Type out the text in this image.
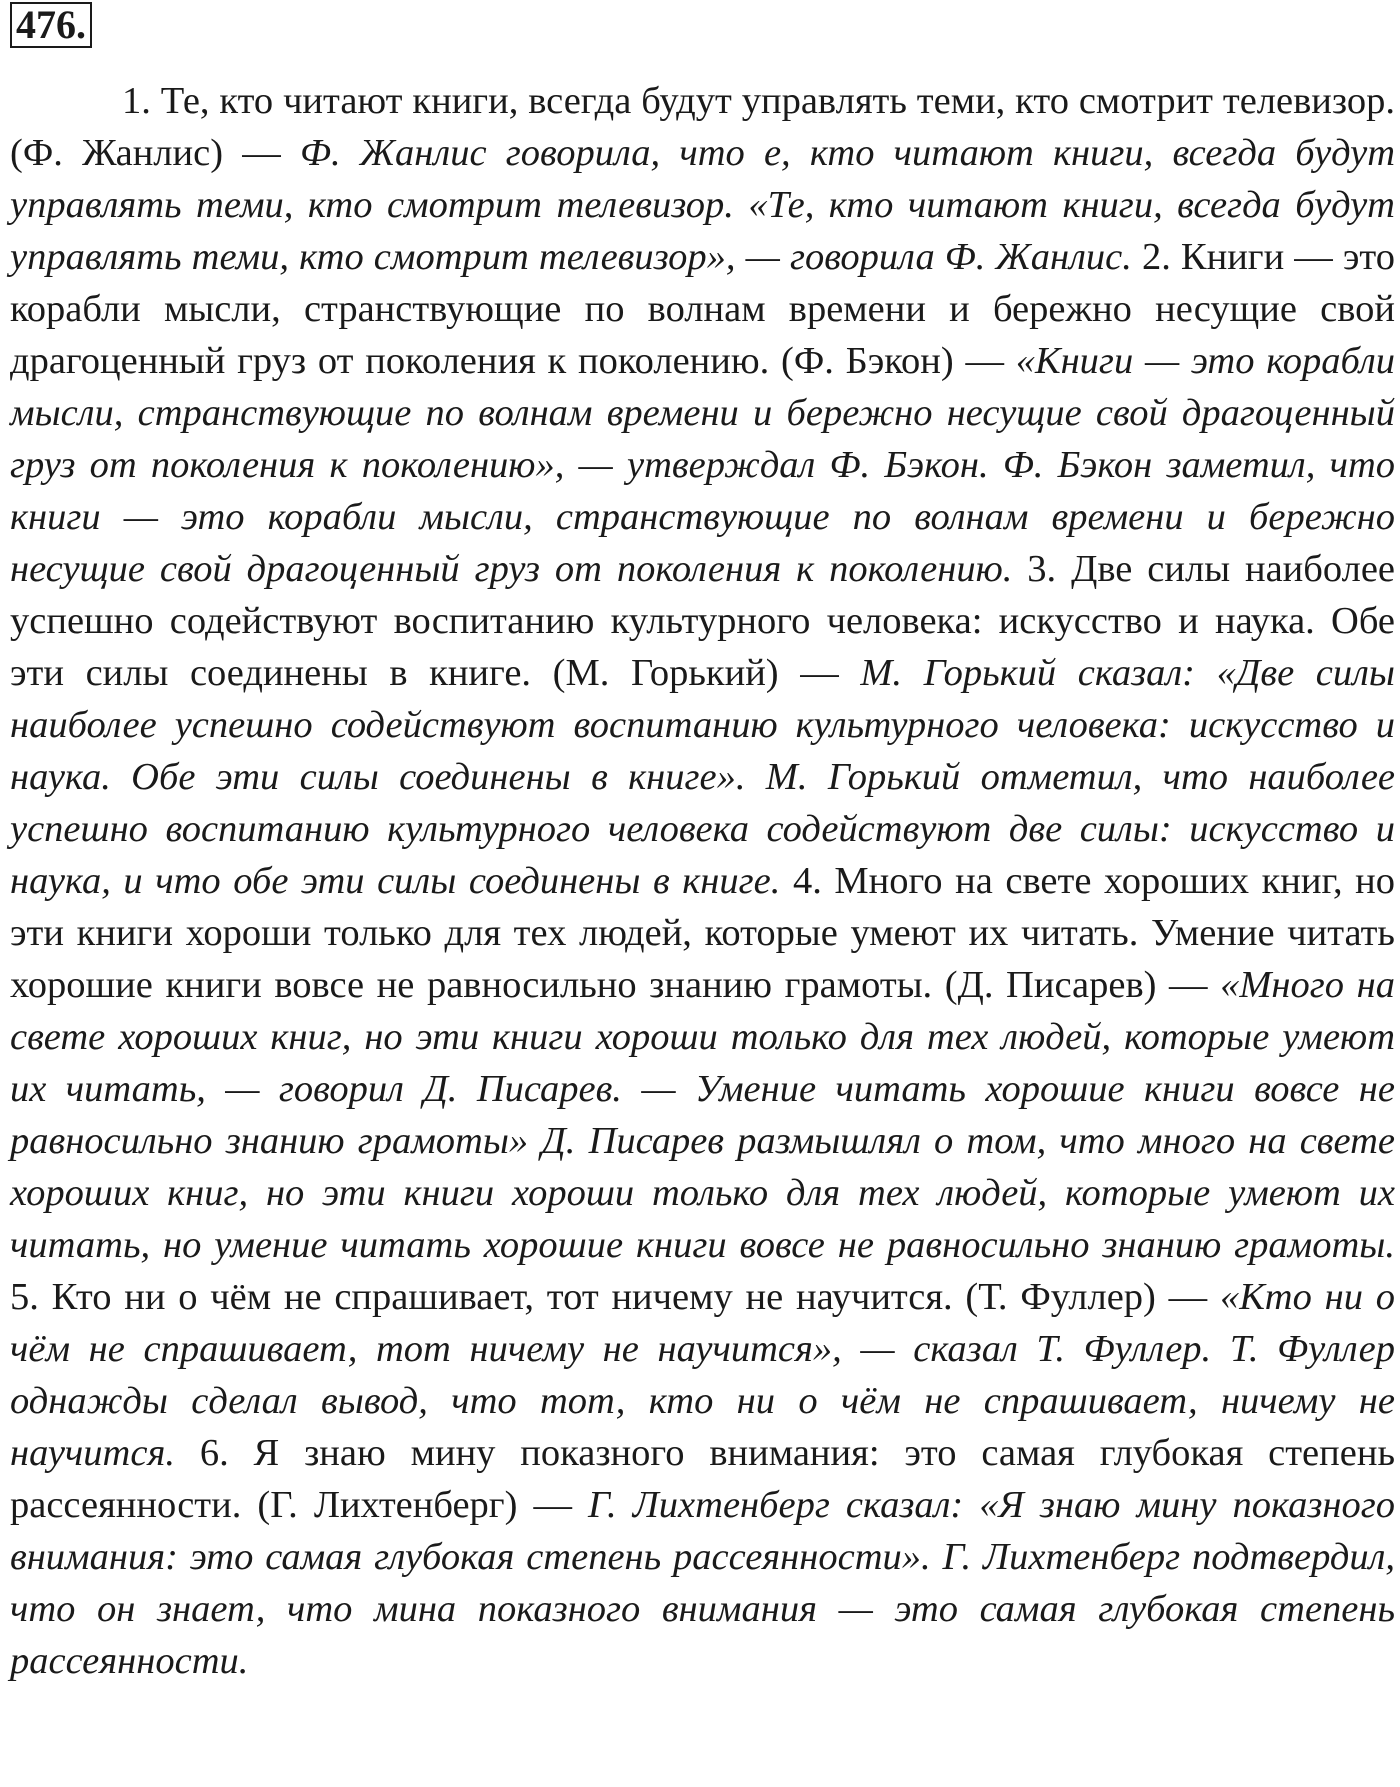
476.

1. Те, кто читают книги, всегда будут управлять теми, кто смотрит телевизор. (Ф. Жанлис) — Ф. Жанлис говорила, что е, кто читают книги, всегда будут управлять теми, кто смотрит телевизор. «Те, кто читают книги, всегда будут управлять теми, кто смотрит телевизор», — говорила Ф. Жанлис. 2. Книги — это корабли мысли, странствующие по волнам времени и бережно несущие свой драгоценный груз от поколения к поколению. (Ф. Бэкон) — «Книги — это корабли мысли, странствующие по волнам времени и бережно несущие свой драгоценный груз от поколения к поколению», — утверждал Ф. Бэкон. Ф. Бэкон заметил, что книги — это корабли мысли, странствующие по волнам времени и бережно несущие свой драгоценный груз от поколения к поколению. 3. Две силы наиболее успешно содействуют воспитанию культурного человека: искусство и наука. Обе эти силы соединены в книге. (М. Горький) — М. Горький сказал: «Две силы наиболее успешно содействуют воспитанию культурного человека: искусство и наука. Обе эти силы соединены в книге». М. Горький отметил, что наиболее успешно воспитанию культурного человека содействуют две силы: искусство и наука, и что обе эти силы соединены в книге. 4. Много на свете хороших книг, но эти книги хороши только для тех людей, которые умеют их читать. Умение читать хорошие книги вовсе не равносильно знанию грамоты. (Д. Писарев) — «Много на свете хороших книг, но эти книги хороши только для тех людей, которые умеют их читать, — говорил Д. Писарев. — Умение читать хорошие книги вовсе не равносильно знанию грамоты» Д. Писарев размышлял о том, что много на свете хороших книг, но эти книги хороши только для тех людей, которые умеют их читать, но умение читать хорошие книги вовсе не равносильно знанию грамоты. 5. Кто ни о чём не спрашивает, тот ничему не научится. (Т. Фуллер) — «Кто ни о чём не спрашивает, тот ничему не научится», — сказал Т. Фуллер. Т. Фуллер однажды сделал вывод, что тот, кто ни о чём не спрашивает, ничему не научится. 6. Я знаю мину показного внимания: это самая глубокая степень рассеянности. (Г. Лихтенберг) — Г. Лихтенберг сказал: «Я знаю мину показного внимания: это самая глубокая степень рассеянности». Г. Лихтенберг подтвердил, что он знает, что мина показного внимания — это самая глубокая степень рассеянности.
